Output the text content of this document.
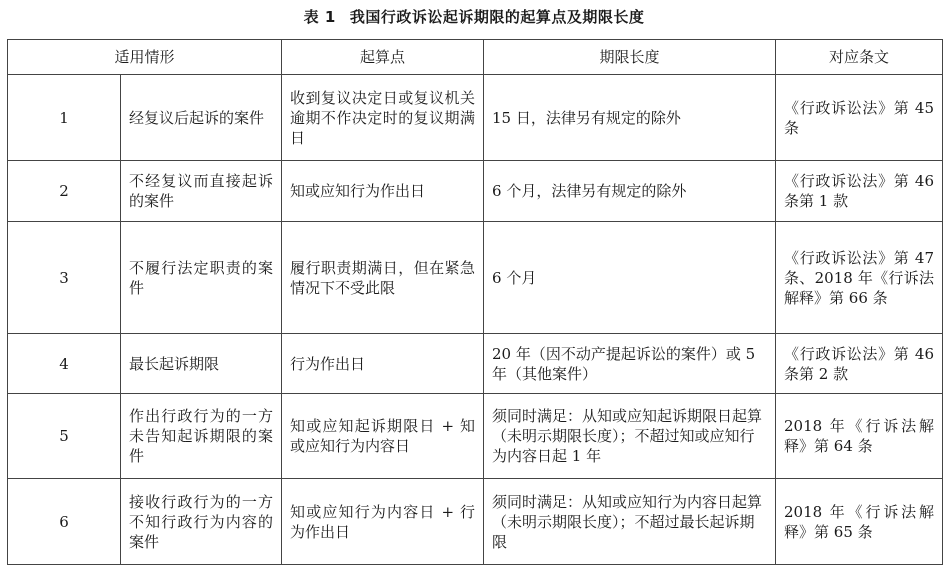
表 1 我国行政诉讼起诉期限的起算点及期限长度
适用情形		起算点	期限长度	对应条文
1	经复议后起诉的案件	收到复议决定日或复议机关逾期不作决定时的复议期满日	15 日，法律另有规定的除外	《行政诉讼法》第 45 条
2	不经复议而直接起诉的案件	知或应知行为作出日	6 个月，法律另有规定的除外	《行政诉讼法》第 46 条第 1 款
3	不履行法定职责的案件	履行职责期满日，但在紧急情况下不受此限	6 个月	《行政诉讼法》第 47 条、2018 年《行诉法解释》第 66 条
4	最长起诉期限	行为作出日	20 年（因不动产提起诉讼的案件）或 5 年（其他案件）	《行政诉讼法》第 46 条第 2 款
5	作出行政行为的一方未告知起诉期限的案件	知或应知起诉期限日 + 知或应知行为内容日	须同时满足：从知或应知起诉期限日起算（未明示期限长度）；不超过知或应知行为内容日起 1 年	2018 年《行诉法解释》第 64 条
6	接收行政行为的一方不知行政行为内容的案件	知或应知行为内容日 + 行为作出日	须同时满足：从知或应知行为内容日起算（未明示期限长度）；不超过最长起诉期限	2018 年《行诉法解释》第 65 条
